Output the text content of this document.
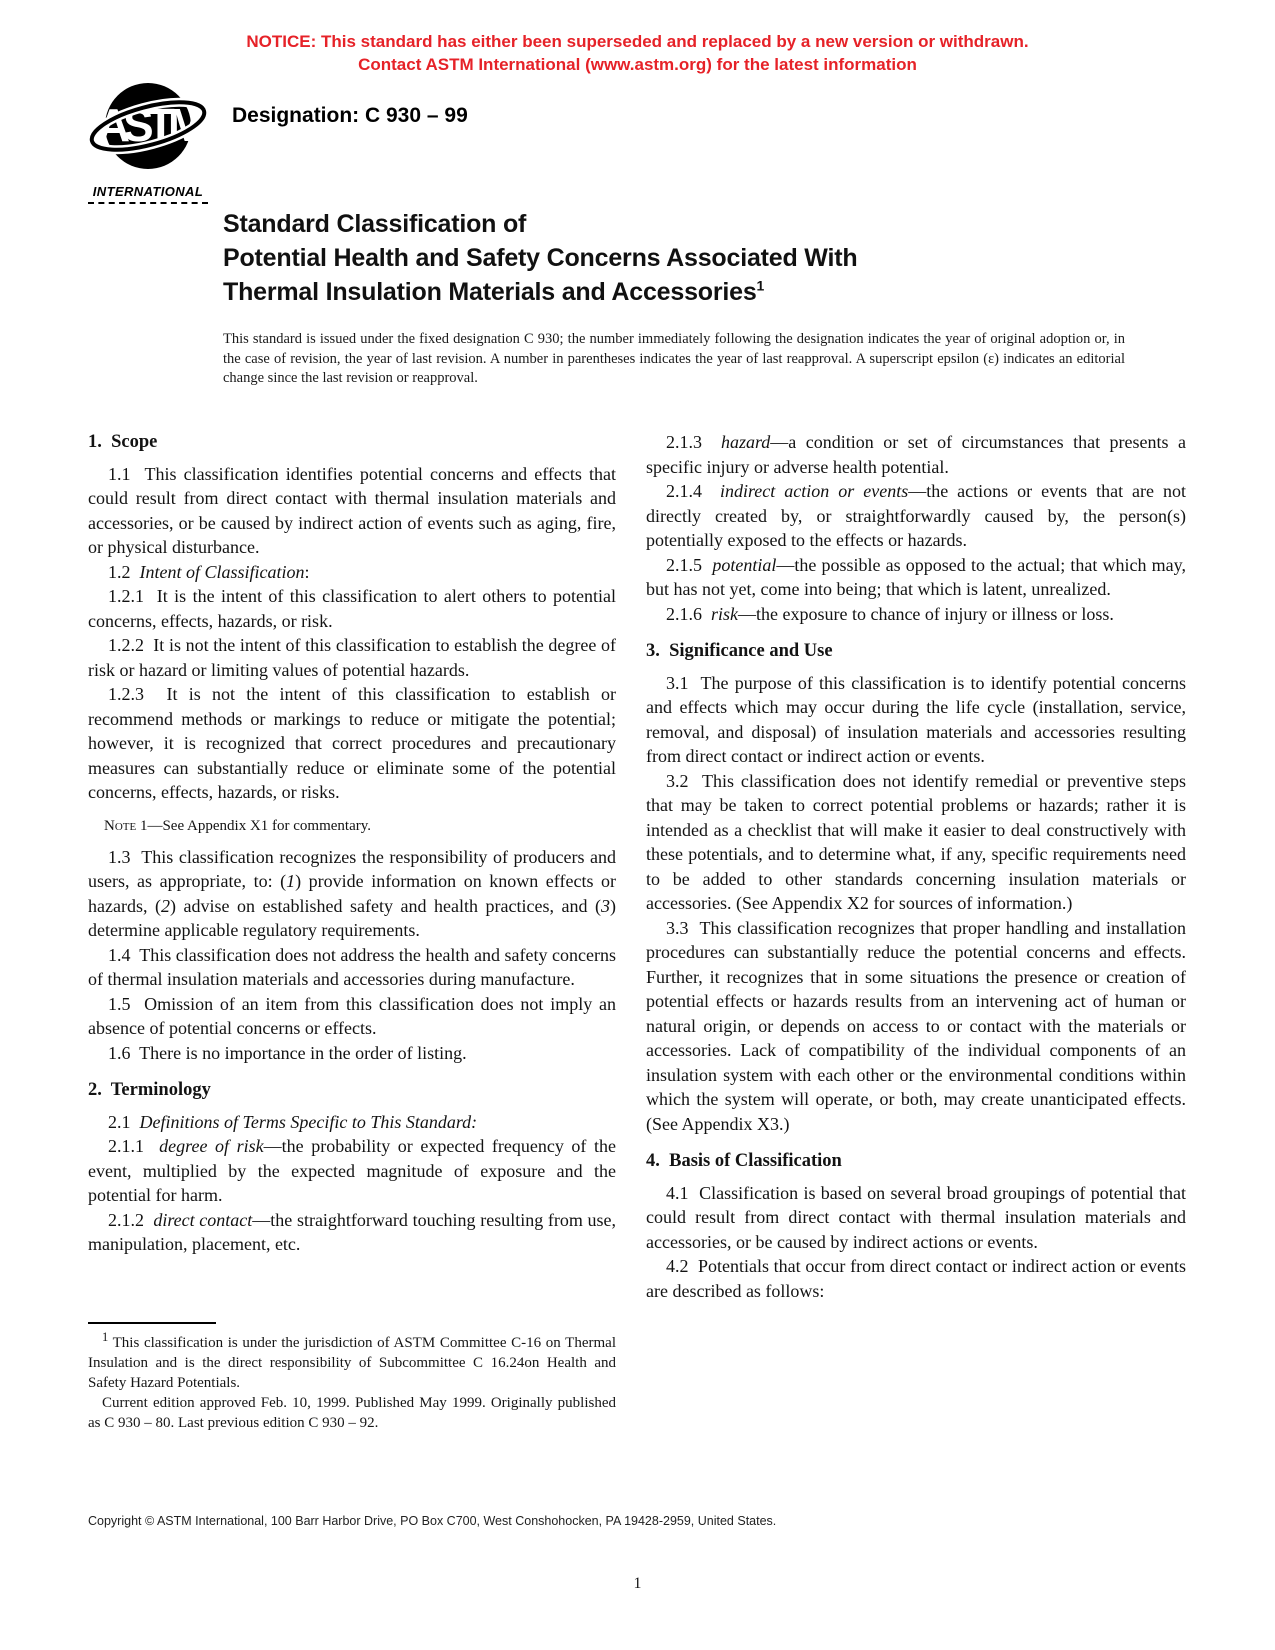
NOTICE: This standard has either been superseded and replaced by a new version or withdrawn.
Contact ASTM International (www.astm.org) for the latest information
ASTM
INTERNATIONAL
Designation: C 930 – 99
Standard Classification of
Potential Health and Safety Concerns Associated With
Thermal Insulation Materials and Accessories$^1$
This standard is issued under the fixed designation C 930; the number immediately following the designation indicates the year of original adoption or, in the case of revision, the year of last revision. A number in parentheses indicates the year of last reapproval. A superscript epsilon (ε) indicates an editorial change since the last revision or reapproval.
1.  Scope
1.1  This classification identifies potential concerns and effects that could result from direct contact with thermal insulation materials and accessories, or be caused by indirect action of events such as aging, fire, or physical disturbance.
1.2  Intent of Classification:
1.2.1  It is the intent of this classification to alert others to potential concerns, effects, hazards, or risk.
1.2.2  It is not the intent of this classification to establish the degree of risk or hazard or limiting values of potential hazards.
1.2.3  It is not the intent of this classification to establish or recommend methods or markings to reduce or mitigate the potential; however, it is recognized that correct procedures and precautionary measures can substantially reduce or eliminate some of the potential concerns, effects, hazards, or risks.
Note 1—See Appendix X1 for commentary.
1.3  This classification recognizes the responsibility of producers and users, as appropriate, to: (1) provide information on known effects or hazards, (2) advise on established safety and health practices, and (3) determine applicable regulatory requirements.
1.4  This classification does not address the health and safety concerns of thermal insulation materials and accessories during manufacture.
1.5  Omission of an item from this classification does not imply an absence of potential concerns or effects.
1.6  There is no importance in the order of listing.
2.  Terminology
2.1  Definitions of Terms Specific to This Standard:
2.1.1  degree of risk—the probability or expected frequency of the event, multiplied by the expected magnitude of exposure and the potential for harm.
2.1.2  direct contact—the straightforward touching resulting from use, manipulation, placement, etc.
2.1.3  hazard—a condition or set of circumstances that presents a specific injury or adverse health potential.
2.1.4  indirect action or events—the actions or events that are not directly created by, or straightforwardly caused by, the person(s) potentially exposed to the effects or hazards.
2.1.5  potential—the possible as opposed to the actual; that which may, but has not yet, come into being; that which is latent, unrealized.
2.1.6  risk—the exposure to chance of injury or illness or loss.
3.  Significance and Use
3.1  The purpose of this classification is to identify potential concerns and effects which may occur during the life cycle (installation, service, removal, and disposal) of insulation materials and accessories resulting from direct contact or indirect action or events.
3.2  This classification does not identify remedial or preventive steps that may be taken to correct potential problems or hazards; rather it is intended as a checklist that will make it easier to deal constructively with these potentials, and to determine what, if any, specific requirements need to be added to other standards concerning insulation materials or accessories. (See Appendix X2 for sources of information.)
3.3  This classification recognizes that proper handling and installation procedures can substantially reduce the potential concerns and effects. Further, it recognizes that in some situations the presence or creation of potential effects or hazards results from an intervening act of human or natural origin, or depends on access to or contact with the materials or accessories. Lack of compatibility of the individual components of an insulation system with each other or the environmental conditions within which the system will operate, or both, may create unanticipated effects. (See Appendix X3.)
4.  Basis of Classification
4.1  Classification is based on several broad groupings of potential that could result from direct contact with thermal insulation materials and accessories, or be caused by indirect actions or events.
4.2  Potentials that occur from direct contact or indirect action or events are described as follows:
$^1$ This classification is under the jurisdiction of ASTM Committee C-16 on Thermal Insulation and is the direct responsibility of Subcommittee C 16.24on Health and Safety Hazard Potentials.
Current edition approved Feb. 10, 1999. Published May 1999. Originally published as C 930 – 80. Last previous edition C 930 – 92.
Copyright © ASTM International, 100 Barr Harbor Drive, PO Box C700, West Conshohocken, PA 19428-2959, United States.
1
